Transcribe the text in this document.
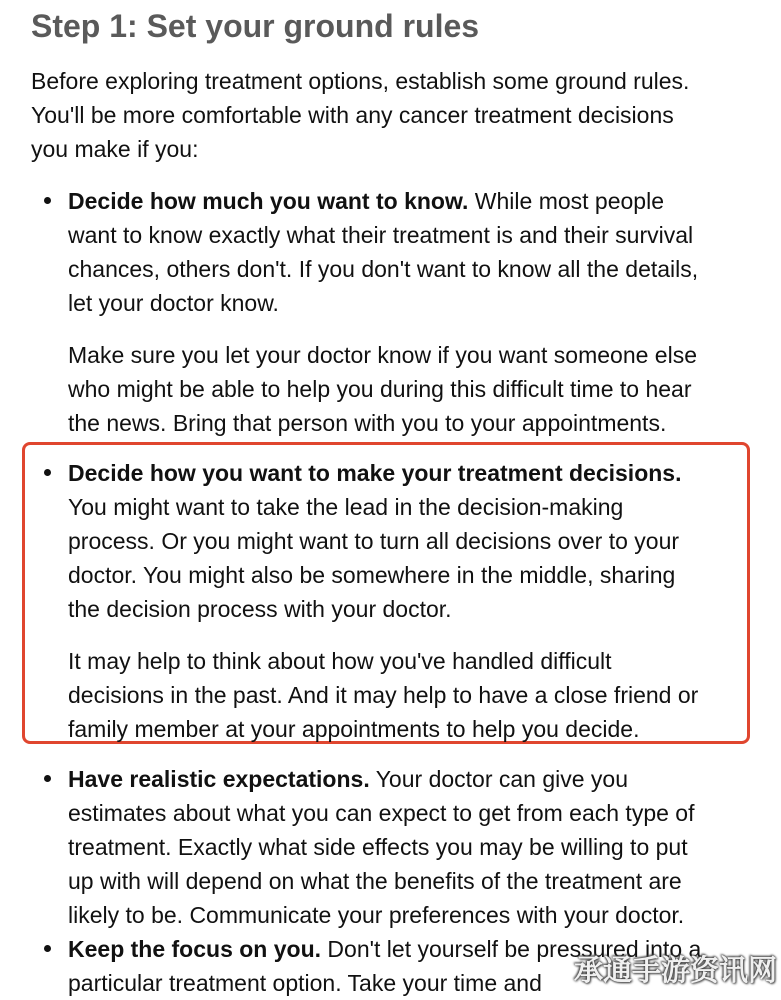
Step 1: Set your ground rules

Before exploring treatment options, establish some ground rules.
You'll be more comfortable with any cancer treatment decisions
you make if you:

Decide how much you want to know. While most people
want to know exactly what their treatment is and their survival
chances, others don't. If you don't want to know all the details,
let your doctor know.

Make sure you let your doctor know if you want someone else
who might be able to help you during this difficult time to hear
the news. Bring that person with you to your appointments.

Decide how you want to make your treatment decisions.
You might want to take the lead in the decision-making
process. Or you might want to turn all decisions over to your
doctor. You might also be somewhere in the middle, sharing
the decision process with your doctor.

It may help to think about how you've handled difficult
decisions in the past. And it may help to have a close friend or
family member at your appointments to help you decide.

Have realistic expectations. Your doctor can give you
estimates about what you can expect to get from each type of
treatment. Exactly what side effects you may be willing to put
up with will depend on what the benefits of the treatment are
likely to be. Communicate your preferences with your doctor.

Keep the focus on you. Don't let yourself be pressured into a
particular treatment option. Take your time and	承通手游资讯网
